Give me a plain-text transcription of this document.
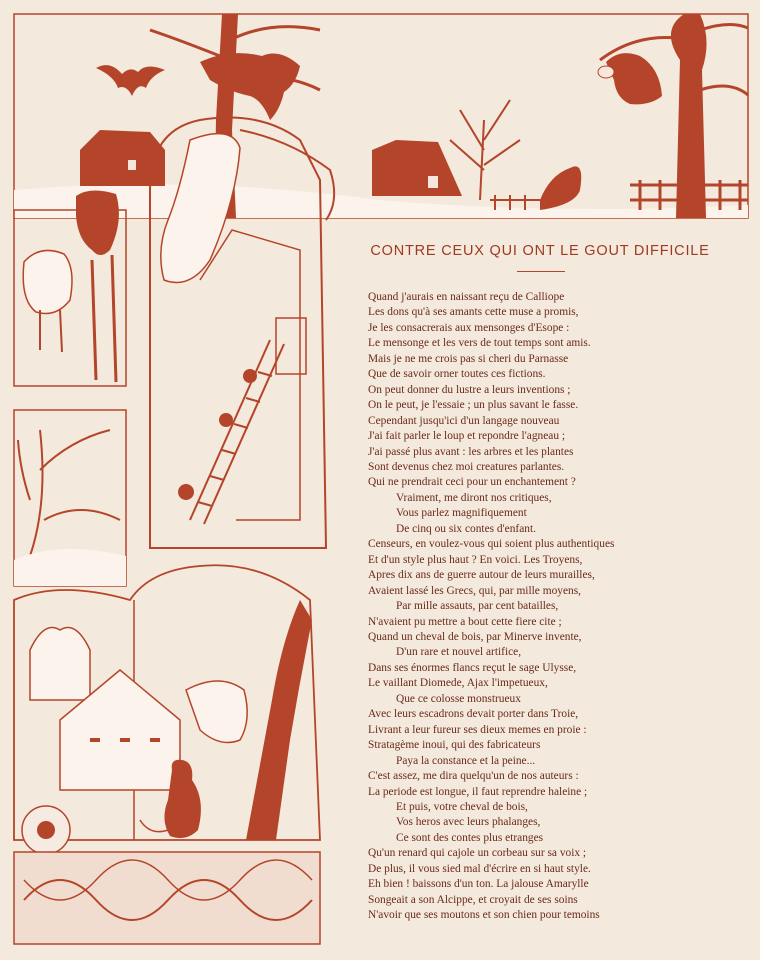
CONTRE CEUX QUI ONT LE GOUT DIFFICILE
Quand j'aurais en naissant reçu de Calliope
Les dons qu'à ses amants cette muse a promis,
Je les consacrerais aux mensonges d'Esope :
Le mensonge et les vers de tout temps sont amis.
Mais je ne me crois pas si cheri du Parnasse
Que de savoir orner toutes ces fictions.
On peut donner du lustre a leurs inventions ;
On le peut, je l'essaie ; un plus savant le fasse.
Cependant jusqu'ici d'un langage nouveau
J'ai fait parler le loup et repondre l'agneau ;
J'ai passé plus avant : les arbres et les plantes
Sont devenus chez moi creatures parlantes.
Qui ne prendrait ceci pour un enchantement ?
Vraiment, me diront nos critiques,
Vous parlez magnifiquement
De cinq ou six contes d'enfant.
Censeurs, en voulez-vous qui soient plus authentiques
Et d'un style plus haut ? En voici. Les Troyens,
Apres dix ans de guerre autour de leurs murailles,
Avaient lassé les Grecs, qui, par mille moyens,
Par mille assauts, par cent batailles,
N'avaient pu mettre a bout cette fiere cite ;
Quand un cheval de bois, par Minerve invente,
D'un rare et nouvel artifice,
Dans ses énormes flancs reçut le sage Ulysse,
Le vaillant Diomede, Ajax l'impetueux,
Que ce colosse monstrueux
Avec leurs escadrons devait porter dans Troie,
Livrant a leur fureur ses dieux memes en proie :
Stratagème inoui, qui des fabricateurs
Paya la constance et la peine...
C'est assez, me dira quelqu'un de nos auteurs :
La periode est longue, il faut reprendre haleine ;
Et puis, votre cheval de bois,
Vos heros avec leurs phalanges,
Ce sont des contes plus etranges
Qu'un renard qui cajole un corbeau sur sa voix ;
De plus, il vous sied mal d'écrire en si haut style.
Eh bien ! baissons d'un ton. La jalouse Amarylle
Songeait a son Alcippe, et croyait de ses soins
N'avoir que ses moutons et son chien pour temoins
